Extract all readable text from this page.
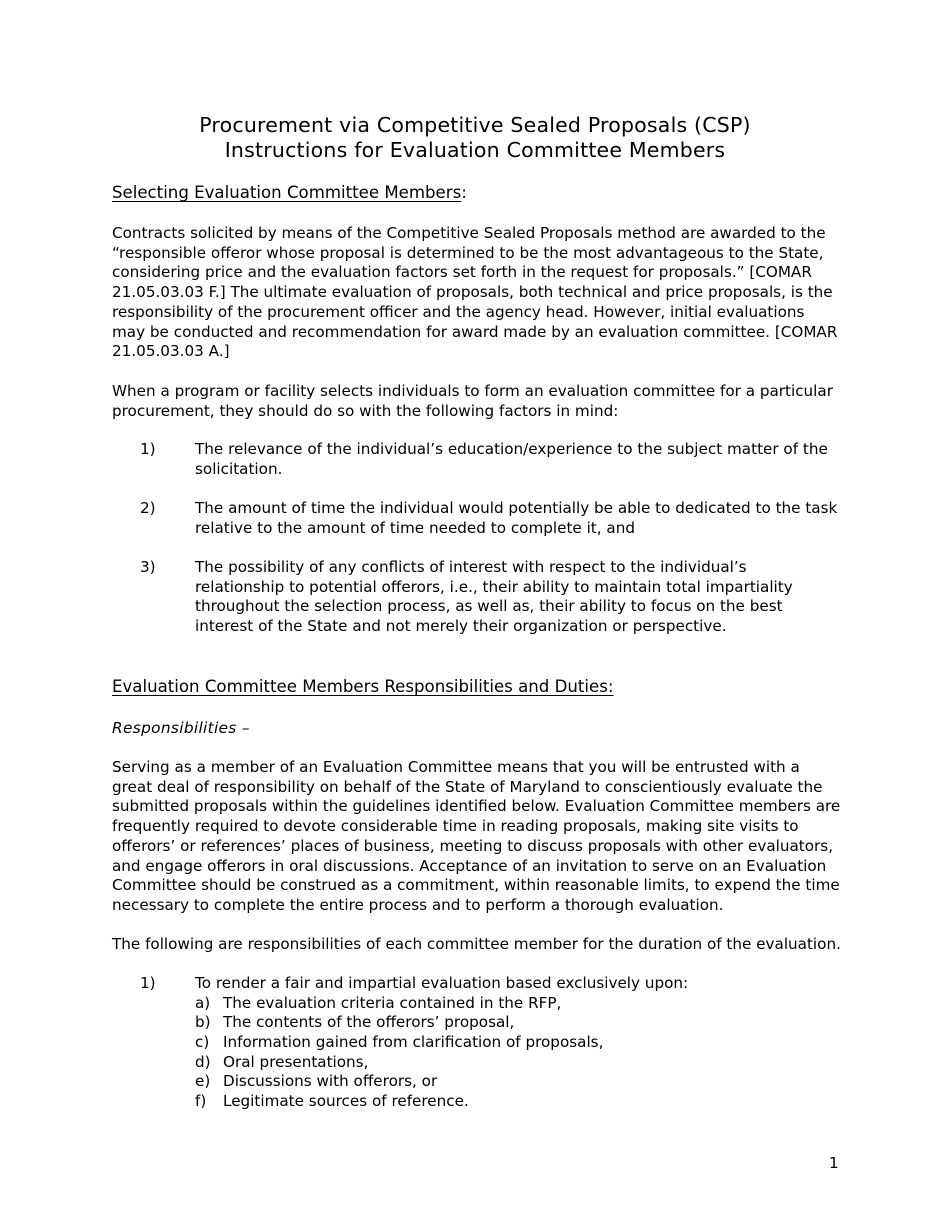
Procurement via Competitive Sealed Proposals (CSP)
Instructions for Evaluation Committee Members
Selecting Evaluation Committee Members:

Contracts solicited by means of the Competitive Sealed Proposals method are awarded to the “responsible offeror whose proposal is determined to be the most advantageous to the State, considering price and the evaluation factors set forth in the request for proposals.” [COMAR 21.05.03.03 F.] The ultimate evaluation of proposals, both technical and price proposals, is the responsibility of the procurement officer and the agency head. However, initial evaluations may be conducted and recommendation for award made by an evaluation committee. [COMAR 21.05.03.03 A.]

When a program or facility selects individuals to form an evaluation committee for a particular procurement, they should do so with the following factors in mind:

1)	The relevance of the individual’s education/experience to the subject matter of the solicitation.
2)	The amount of time the individual would potentially be able to dedicated to the task relative to the amount of time needed to complete it, and
3)	The possibility of any conflicts of interest with respect to the individual’s relationship to potential offerors, i.e., their ability to maintain total impartiality throughout the selection process, as well as, their ability to focus on the best interest of the State and not merely their organization or perspective.
Evaluation Committee Members Responsibilities and Duties:
Responsibilities –

Serving as a member of an Evaluation Committee means that you will be entrusted with a great deal of responsibility on behalf of the State of Maryland to conscientiously evaluate the submitted proposals within the guidelines identified below. Evaluation Committee members are frequently required to devote considerable time in reading proposals, making site visits to offerors’ or references’ places of business, meeting to discuss proposals with other evaluators, and engage offerors in oral discussions. Acceptance of an invitation to serve on an Evaluation Committee should be construed as a commitment, within reasonable limits, to expend the time necessary to complete the entire process and to perform a thorough evaluation.

The following are responsibilities of each committee member for the duration of the evaluation.

1)	To render a fair and impartial evaluation based exclusively upon:
a) The evaluation criteria contained in the RFP,
b) The contents of the offerors’ proposal,
c) Information gained from clarification of proposals,
d) Oral presentations,
e) Discussions with offerors, or
f) Legitimate sources of reference.
1
